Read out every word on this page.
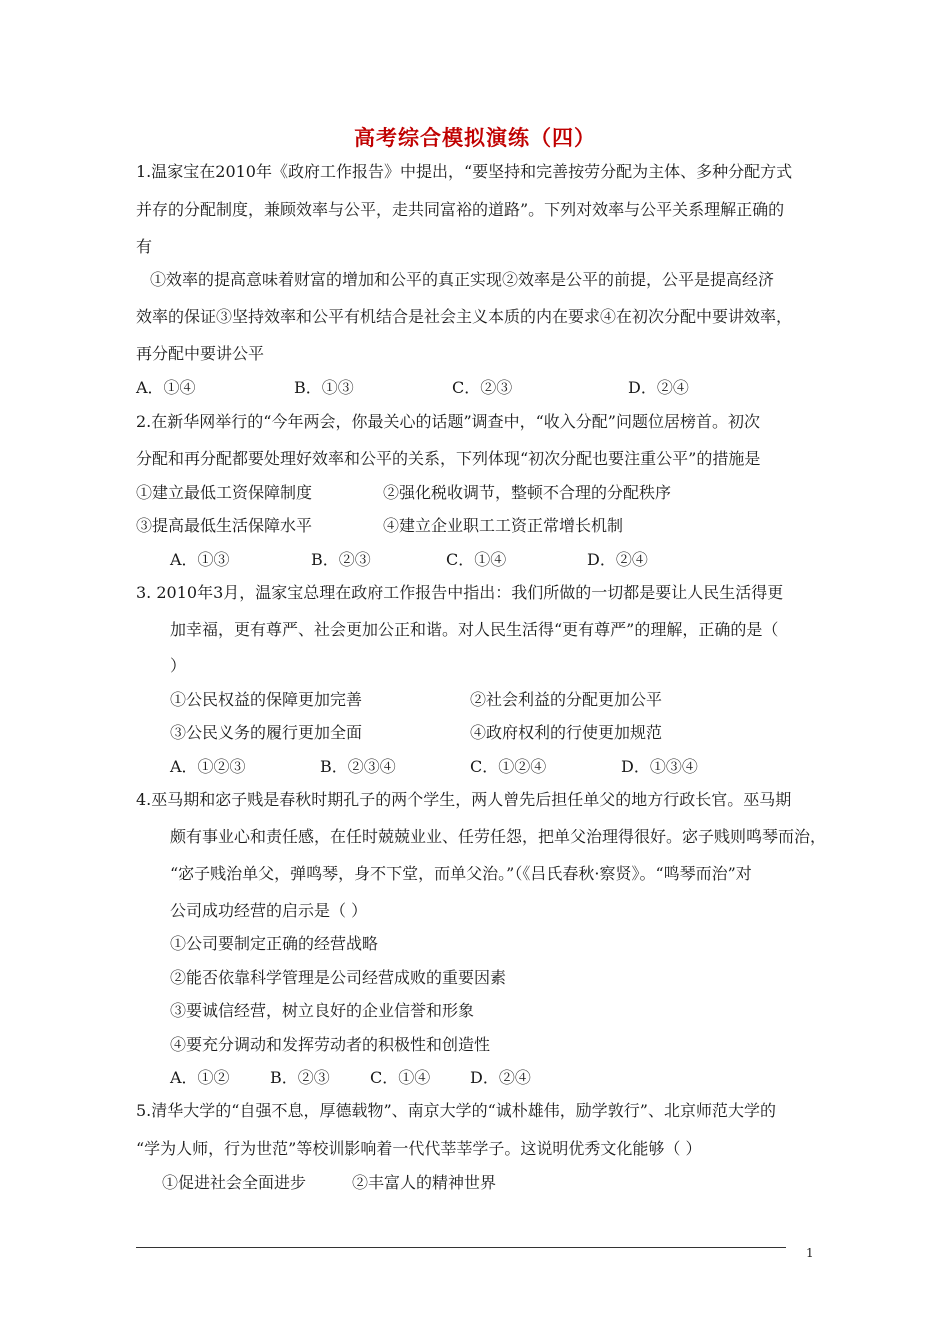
高考综合模拟演练（四）
1.温家宝在2010年《政府工作报告》中提出，“要坚持和完善按劳分配为主体、多种分配方式
并存的分配制度，兼顾效率与公平，走共同富裕的道路”。下列对效率与公平关系理解正确的
有
①效率的提高意味着财富的增加和公平的真正实现②效率是公平的前提，公平是提高经济
效率的保证③坚持效率和公平有机结合是社会主义本质的内在要求④在初次分配中要讲效率，
再分配中要讲公平
A．①④	B．①③	C．②③	D．②④
2.在新华网举行的“今年两会，你最关心的话题”调查中，“收入分配”问题位居榜首。初次
分配和再分配都要处理好效率和公平的关系，下列体现“初次分配也要注重公平”的措施是
①建立最低工资保障制度	②强化税收调节，整顿不合理的分配秩序
③提高最低生活保障水平	④建立企业职工工资正常增长机制
A．①③	B．②③	C．①④	D．②④
3. 2010年3月，温家宝总理在政府工作报告中指出：我们所做的一切都是要让人民生活得更
加幸福，更有尊严、社会更加公正和谐。对人民生活得“更有尊严”的理解，正确的是（
）
①公民权益的保障更加完善	②社会利益的分配更加公平
③公民义务的履行更加全面	④政府权利的行使更加规范
A．①②③	B．②③④	C．①②④	D．①③④
4.巫马期和宓子贱是春秋时期孔子的两个学生，两人曾先后担任单父的地方行政长官。巫马期
颇有事业心和责任感，在任时兢兢业业、任劳任怨，把单父治理得很好。宓子贱则鸣琴而治，
“宓子贱治单父，弹鸣琴，身不下堂，而单父治。”（《吕氏春秋·察贤》。“鸣琴而治”对
公司成功经营的启示是（ ）
①公司要制定正确的经营战略
②能否依靠科学管理是公司经营成败的重要因素
③要诚信经营，树立良好的企业信誉和形象
④要充分调动和发挥劳动者的积极性和创造性
A．①②	B．②③	C．①④ D．②④
5.清华大学的“自强不息，厚德载物”、南京大学的“诚朴雄伟，励学敦行”、北京师范大学的
“学为人师，行为世范”等校训影响着一代代莘莘学子。这说明优秀文化能够（ ）
①促进社会全面进步	②丰富人的精神世界
1
